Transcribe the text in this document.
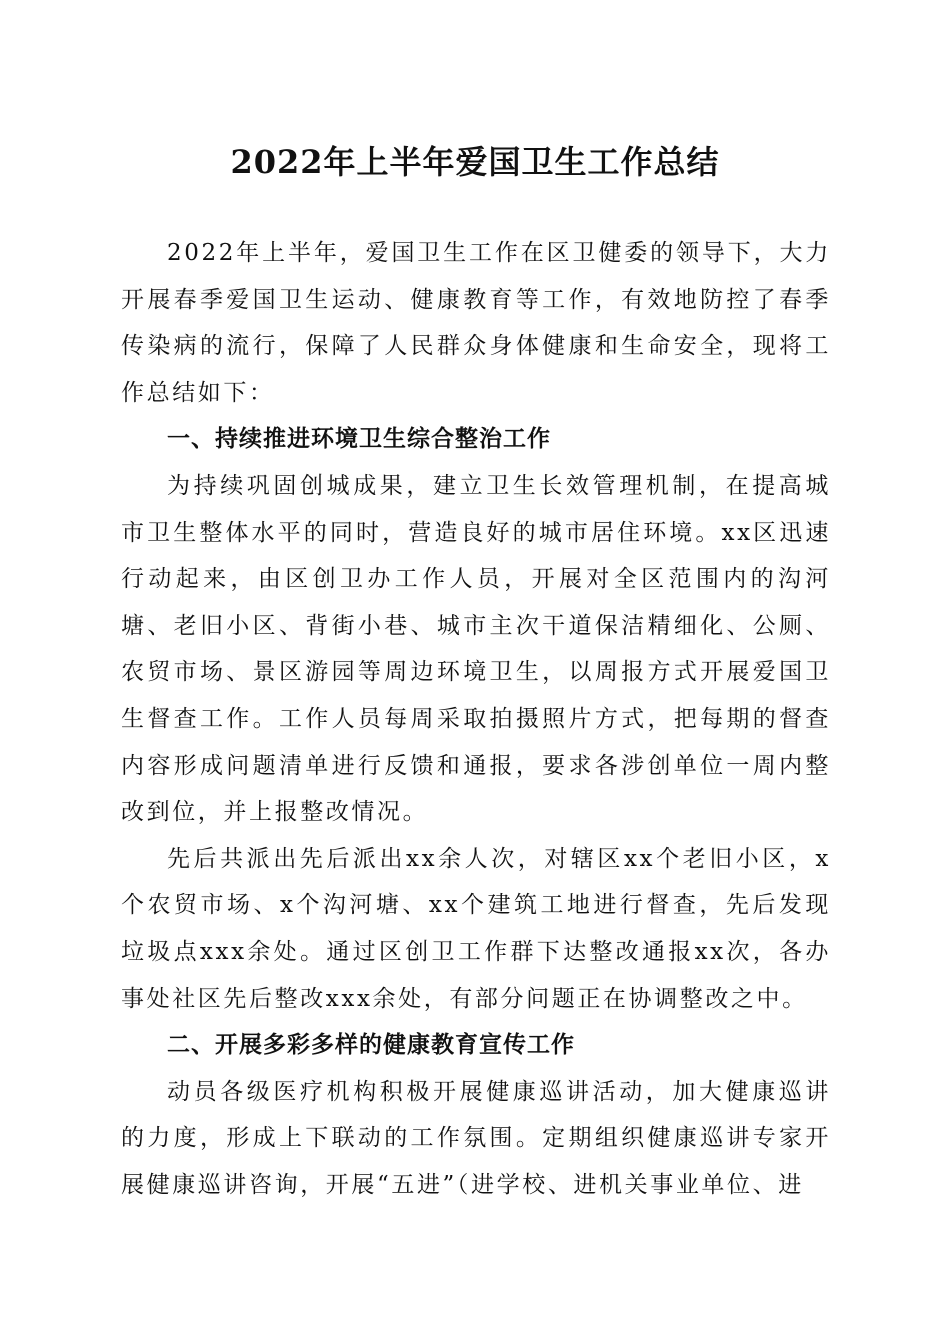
2022年上半年爱国卫生工作总结

2022年上半年，爱国卫生工作在区卫健委的领导下，大力开展春季爱国卫生运动、健康教育等工作，有效地防控了春季传染病的流行，保障了人民群众身体健康和生命安全，现将工作总结如下：

一、持续推进环境卫生综合整治工作

为持续巩固创城成果，建立卫生长效管理机制，在提高城市卫生整体水平的同时，营造良好的城市居住环境。xx区迅速行动起来，由区创卫办工作人员，开展对全区范围内的沟河塘、老旧小区、背街小巷、城市主次干道保洁精细化、公厕、农贸市场、景区游园等周边环境卫生，以周报方式开展爱国卫生督查工作。工作人员每周采取拍摄照片方式，把每期的督查内容形成问题清单进行反馈和通报，要求各涉创单位一周内整改到位，并上报整改情况。

先后共派出先后派出xx余人次，对辖区xx个老旧小区，x个农贸市场、x个沟河塘、xx个建筑工地进行督查，先后发现垃圾点xxx余处。通过区创卫工作群下达整改通报xx次，各办事处社区先后整改xxx余处，有部分问题正在协调整改之中。

二、开展多彩多样的健康教育宣传工作

动员各级医疗机构积极开展健康巡讲活动，加大健康巡讲的力度，形成上下联动的工作氛围。定期组织健康巡讲专家开展健康巡讲咨询，开展“五进”（进学校、进机关事业单位、进
